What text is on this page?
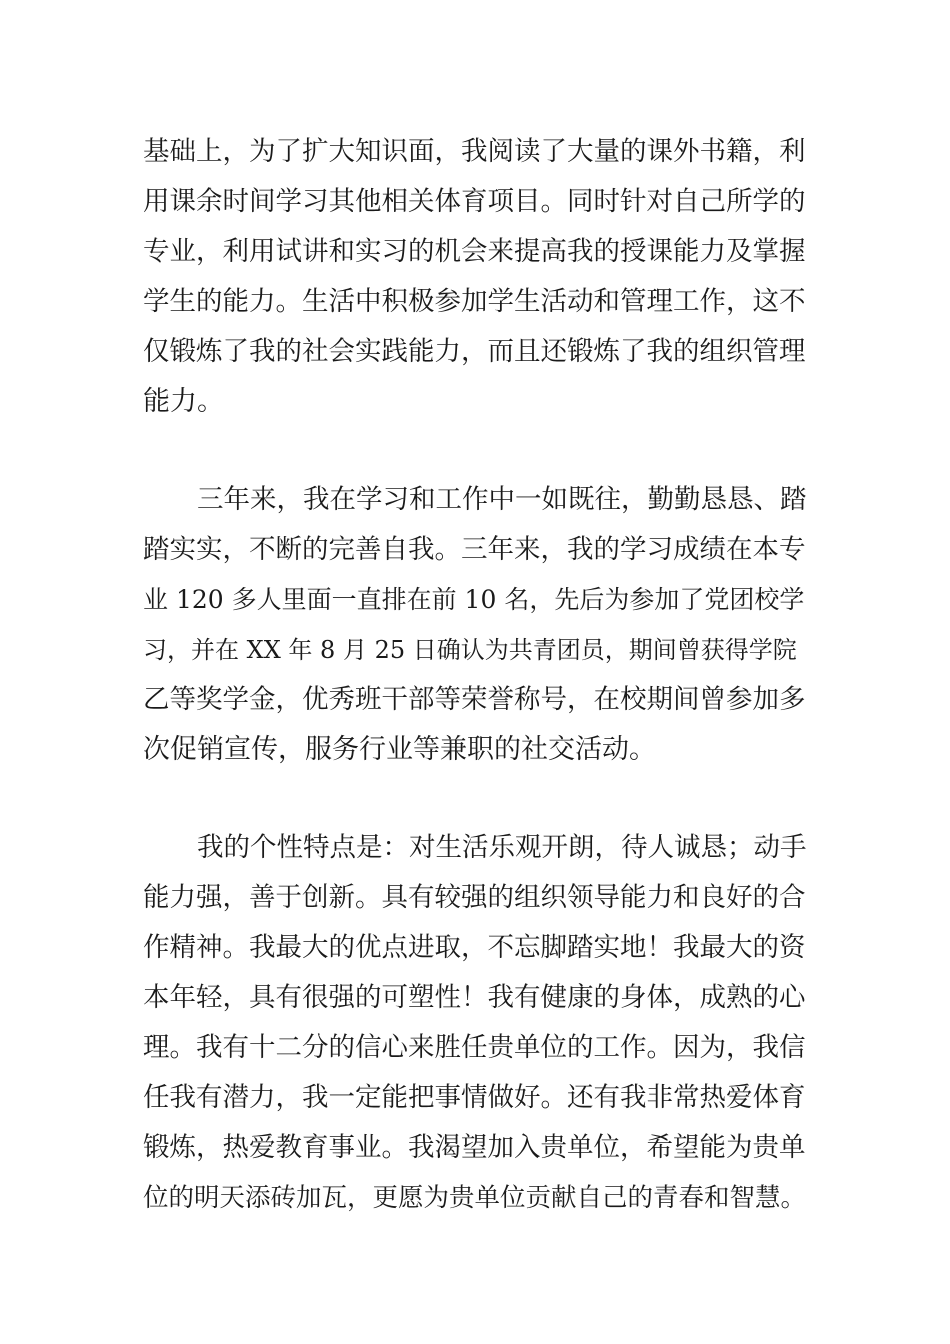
基础上，为了扩大知识面，我阅读了大量的课外书籍，利
用课余时间学习其他相关体育项目。同时针对自己所学的
专业，利用试讲和实习的机会来提高我的授课能力及掌握
学生的能力。生活中积极参加学生活动和管理工作，这不
仅锻炼了我的社会实践能力，而且还锻炼了我的组织管理
能力。
三年来，我在学习和工作中一如既往，勤勤恳恳、踏
踏实实，不断的完善自我。三年来，我的学习成绩在本专
业 120 多人里面一直排在前 10 名，先后为参加了党团校学
习，并在 XX 年 8 月 25 日确认为共青团员，期间曾获得学院
乙等奖学金，优秀班干部等荣誉称号，在校期间曾参加多
次促销宣传，服务行业等兼职的社交活动。
我的个性特点是：对生活乐观开朗，待人诚恳；动手
能力强，善于创新。具有较强的组织领导能力和良好的合
作精神。我最大的优点进取，不忘脚踏实地！我最大的资
本年轻，具有很强的可塑性！我有健康的身体，成熟的心
理。我有十二分的信心来胜任贵单位的工作。因为，我信
任我有潜力，我一定能把事情做好。还有我非常热爱体育
锻炼，热爱教育事业。我渴望加入贵单位，希望能为贵单
位的明天添砖加瓦，更愿为贵单位贡献自己的青春和智慧。
